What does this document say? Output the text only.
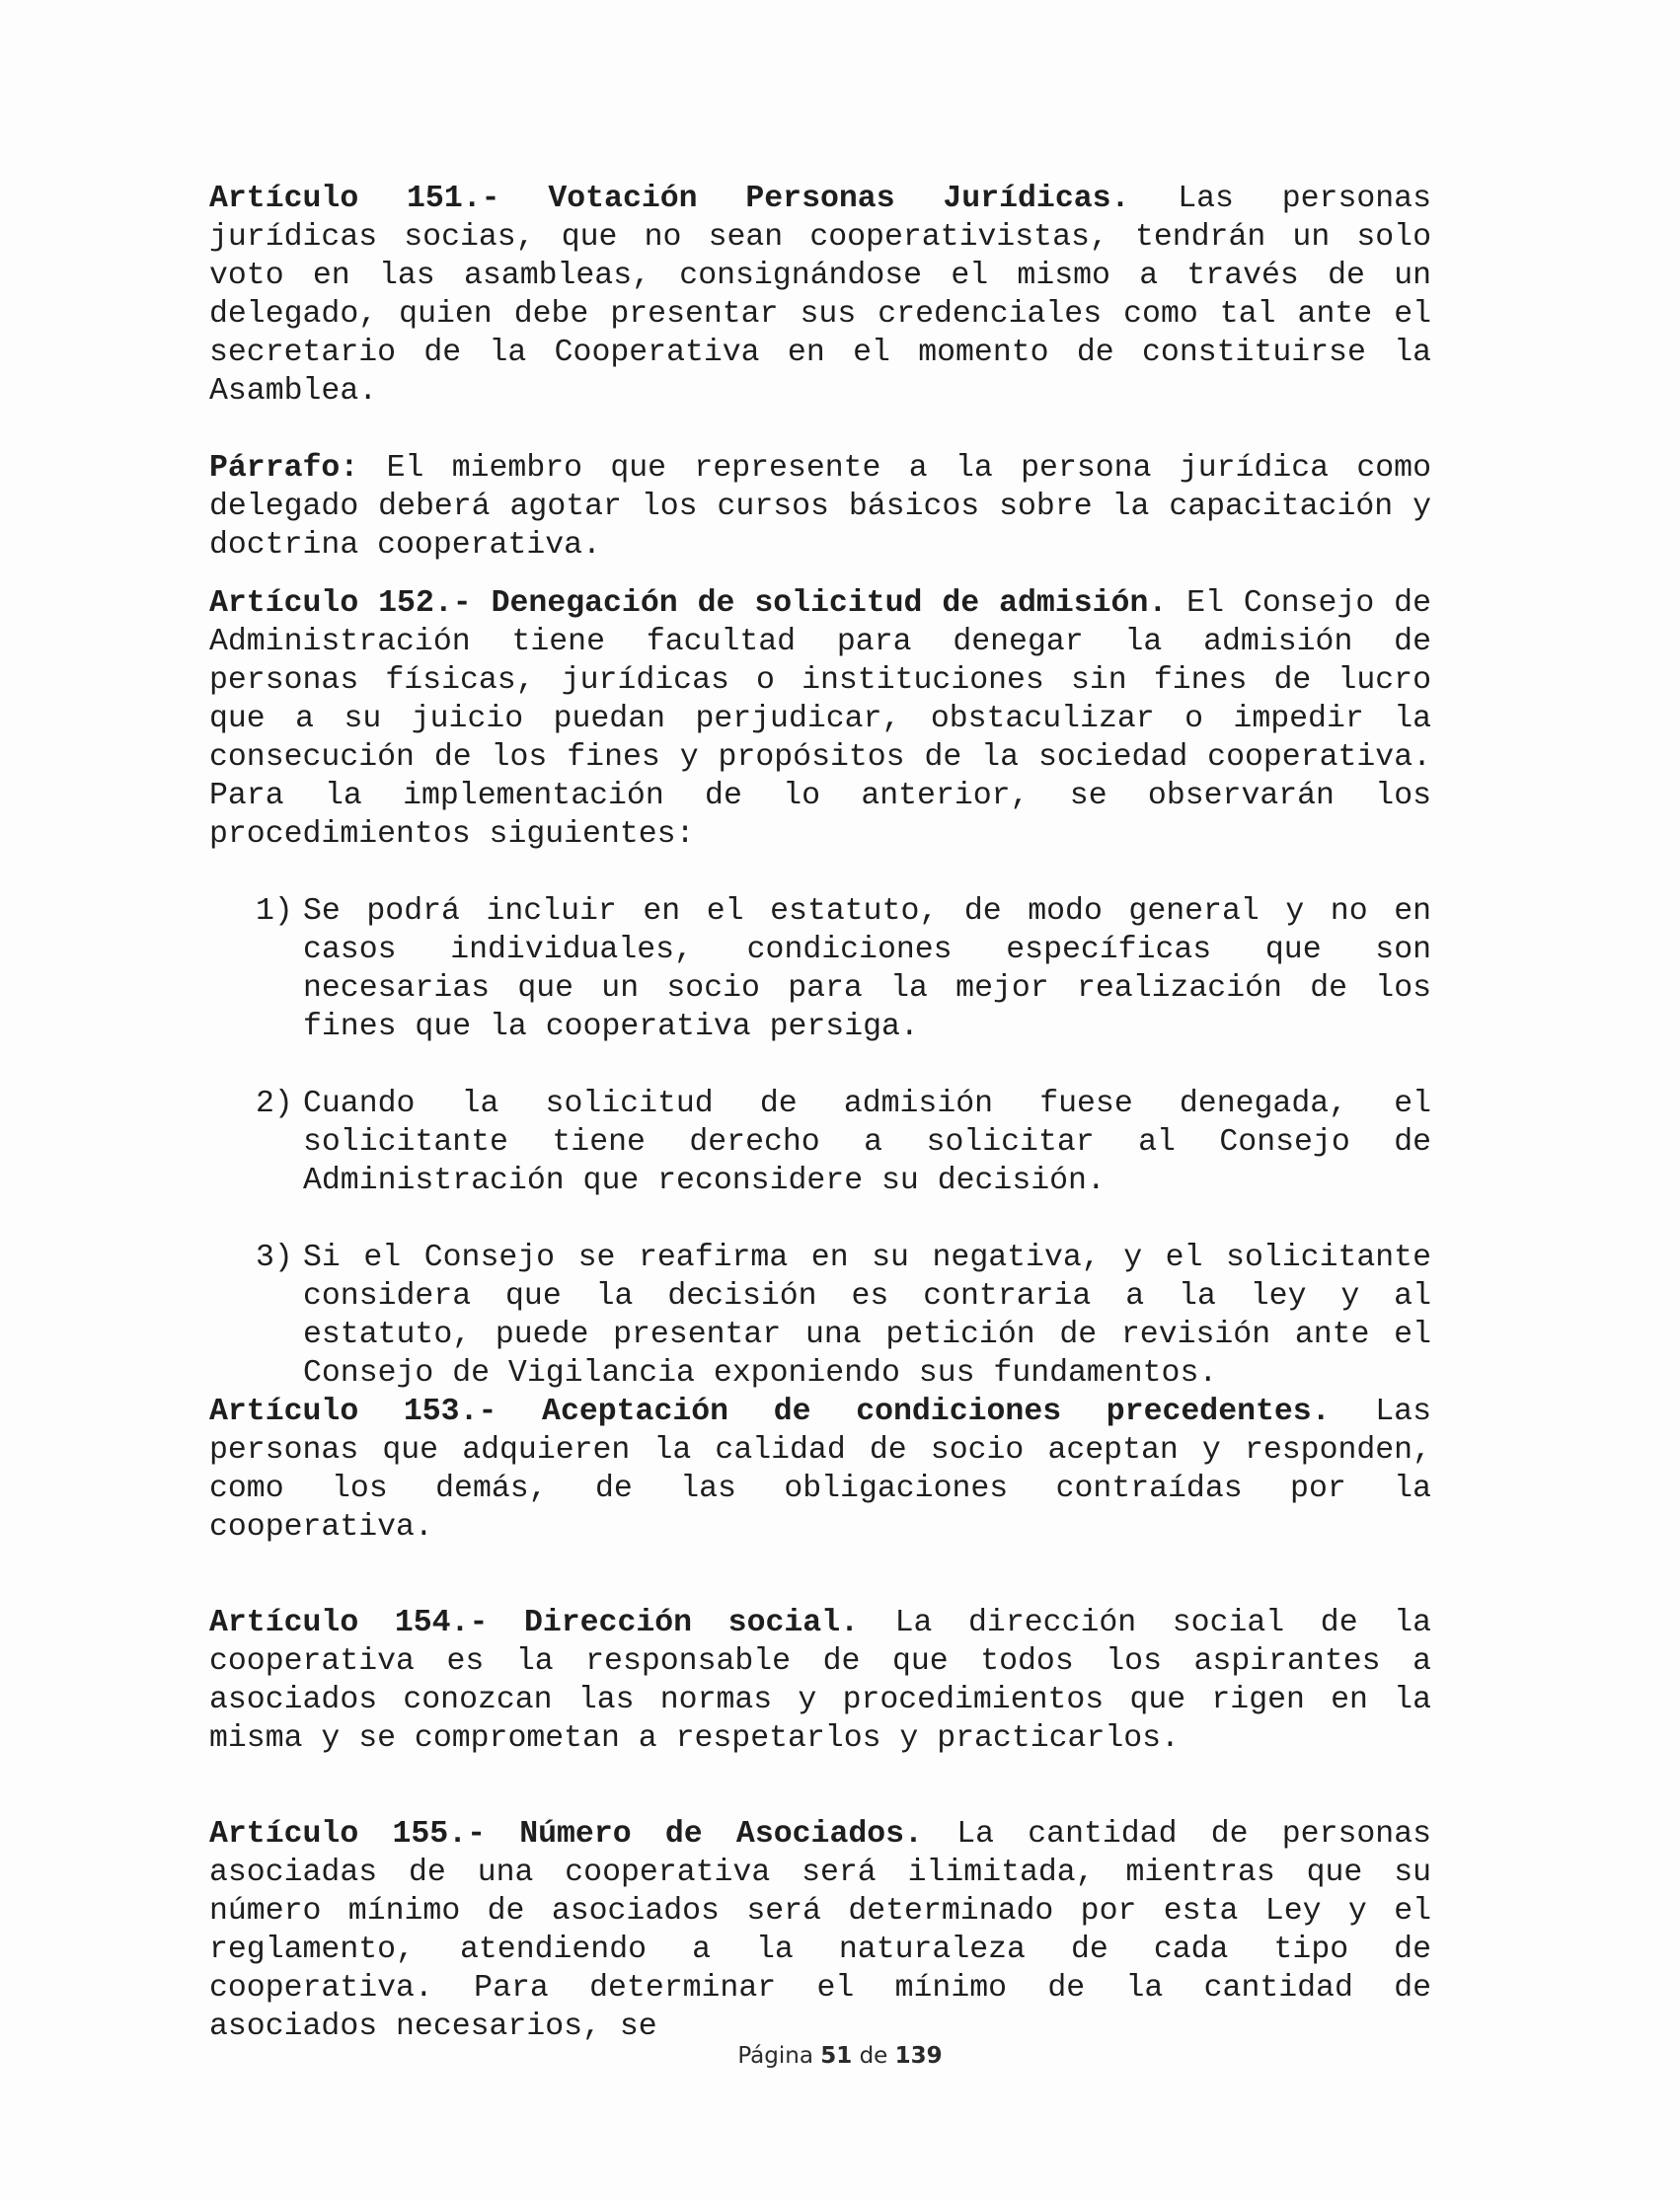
Artículo 151.- Votación Personas Jurídicas. Las personas jurídicas socias, que no sean cooperativistas, tendrán un solo voto en las asambleas, consignándose el mismo a través de un delegado, quien debe presentar sus credenciales como tal ante el secretario de la Cooperativa en el momento de constituirse la Asamblea.

Párrafo: El miembro que represente a la persona jurídica como delegado deberá agotar los cursos básicos sobre la capacitación y doctrina cooperativa.

Artículo 152.- Denegación de solicitud de admisión. El Consejo de Administración tiene facultad para denegar la admisión de personas físicas, jurídicas o instituciones sin fines de lucro que a su juicio puedan perjudicar, obstaculizar o impedir la consecución de los fines y propósitos de la sociedad cooperativa. Para la implementación de lo anterior, se observarán los procedimientos siguientes:

1) Se podrá incluir en el estatuto, de modo general y no en casos individuales, condiciones específicas que son necesarias que un socio para la mejor realización de los fines que la cooperativa persiga.
2) Cuando la solicitud de admisión fuese denegada, el solicitante tiene derecho a solicitar al Consejo de Administración que reconsidere su decisión.
3) Si el Consejo se reafirma en su negativa, y el solicitante considera que la decisión es contraria a la ley y al estatuto, puede presentar una petición de revisión ante el Consejo de Vigilancia exponiendo sus fundamentos.

Artículo 153.- Aceptación de condiciones precedentes. Las personas que adquieren la calidad de socio aceptan y responden, como los demás, de las obligaciones contraídas por la cooperativa.

Artículo 154.- Dirección social. La dirección social de la cooperativa es la responsable de que todos los aspirantes a asociados conozcan las normas y procedimientos que rigen en la misma y se comprometan a respetarlos y practicarlos.

Artículo 155.- Número de Asociados. La cantidad de personas asociadas de una cooperativa será ilimitada, mientras que su número mínimo de asociados será determinado por esta Ley y el reglamento, atendiendo a la naturaleza de cada tipo de cooperativa. Para determinar el mínimo de la cantidad de asociados necesarios, se

Página 51 de 139
